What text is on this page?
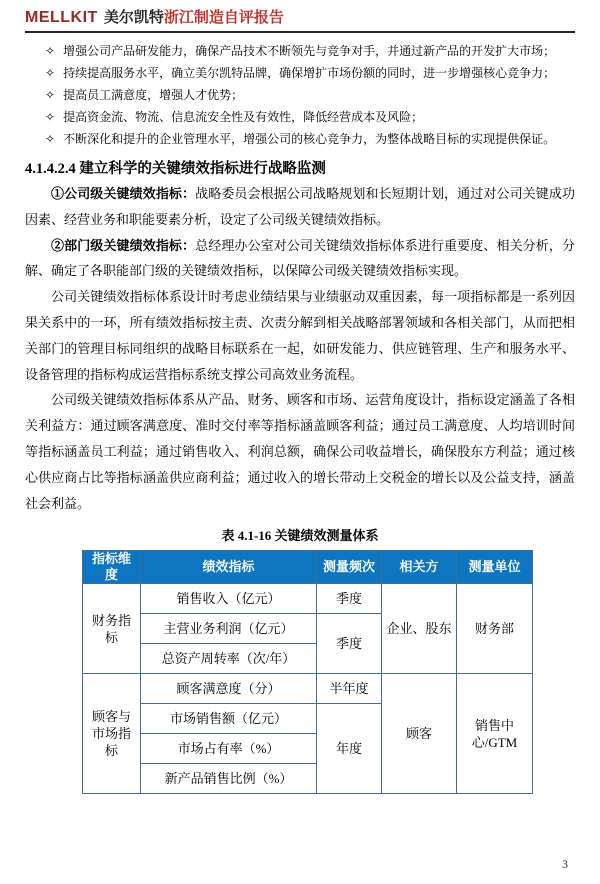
MELLKIT 美尔凯特浙江制造自评报告
✧ 增强公司产品研发能力，确保产品技术不断领先与竞争对手，并通过新产品的开发扩大市场；
✧ 持续提高服务水平，确立美尔凯特品牌，确保增扩市场份额的同时，进一步增强核心竞争力；
✧ 提高员工满意度，增强人才优势；
✧ 提高资金流、物流、信息流安全性及有效性，降低经营成本及风险；
✧ 不断深化和提升的企业管理水平，增强公司的核心竞争力，为整体战略目标的实现提供保证。
4.1.4.2.4 建立科学的关键绩效指标进行战略监测

①公司级关键绩效指标：战略委员会根据公司战略规划和长短期计划，通过对公司关键成功因素、经营业务和职能要素分析，设定了公司级关键绩效指标。

②部门级关键绩效指标：总经理办公室对公司关键绩效指标体系进行重要度、相关分析，分解、确定了各职能部门级的关键绩效指标，以保障公司级关键绩效指标实现。

公司关键绩效指标体系设计时考虑业绩结果与业绩驱动双重因素，每一项指标都是一系列因果关系中的一环，所有绩效指标按主责、次责分解到相关战略部署领域和各相关部门，从而把相关部门的管理目标同组织的战略目标联系在一起，如研发能力、供应链管理、生产和服务水平、设备管理的指标构成运营指标系统支撑公司高效业务流程。

公司级关键绩效指标体系从产品、财务、顾客和市场、运营角度设计，指标设定涵盖了各相关利益方：通过顾客满意度、准时交付率等指标涵盖顾客利益；通过员工满意度、人均培训时间等指标涵盖员工利益；通过销售收入、利润总额，确保公司收益增长，确保股东方利益；通过核心供应商占比等指标涵盖供应商利益；通过收入的增长带动上交税金的增长以及公益支持，涵盖社会利益。

表 4.1-16 关键绩效测量体系
指标维度	绩效指标	测量频次	相关方	测量单位
财务指标	销售收入（亿元）	季度	企业、股东	财务部
	主营业务利润（亿元）	季度		
	总资产周转率（次/年）			
顾客与市场指标	顾客满意度（分）	半年度	顾客	销售中心/GTM
	市场销售额（亿元）	年度		
	市场占有率（%）			
	新产品销售比例（%）			
3
